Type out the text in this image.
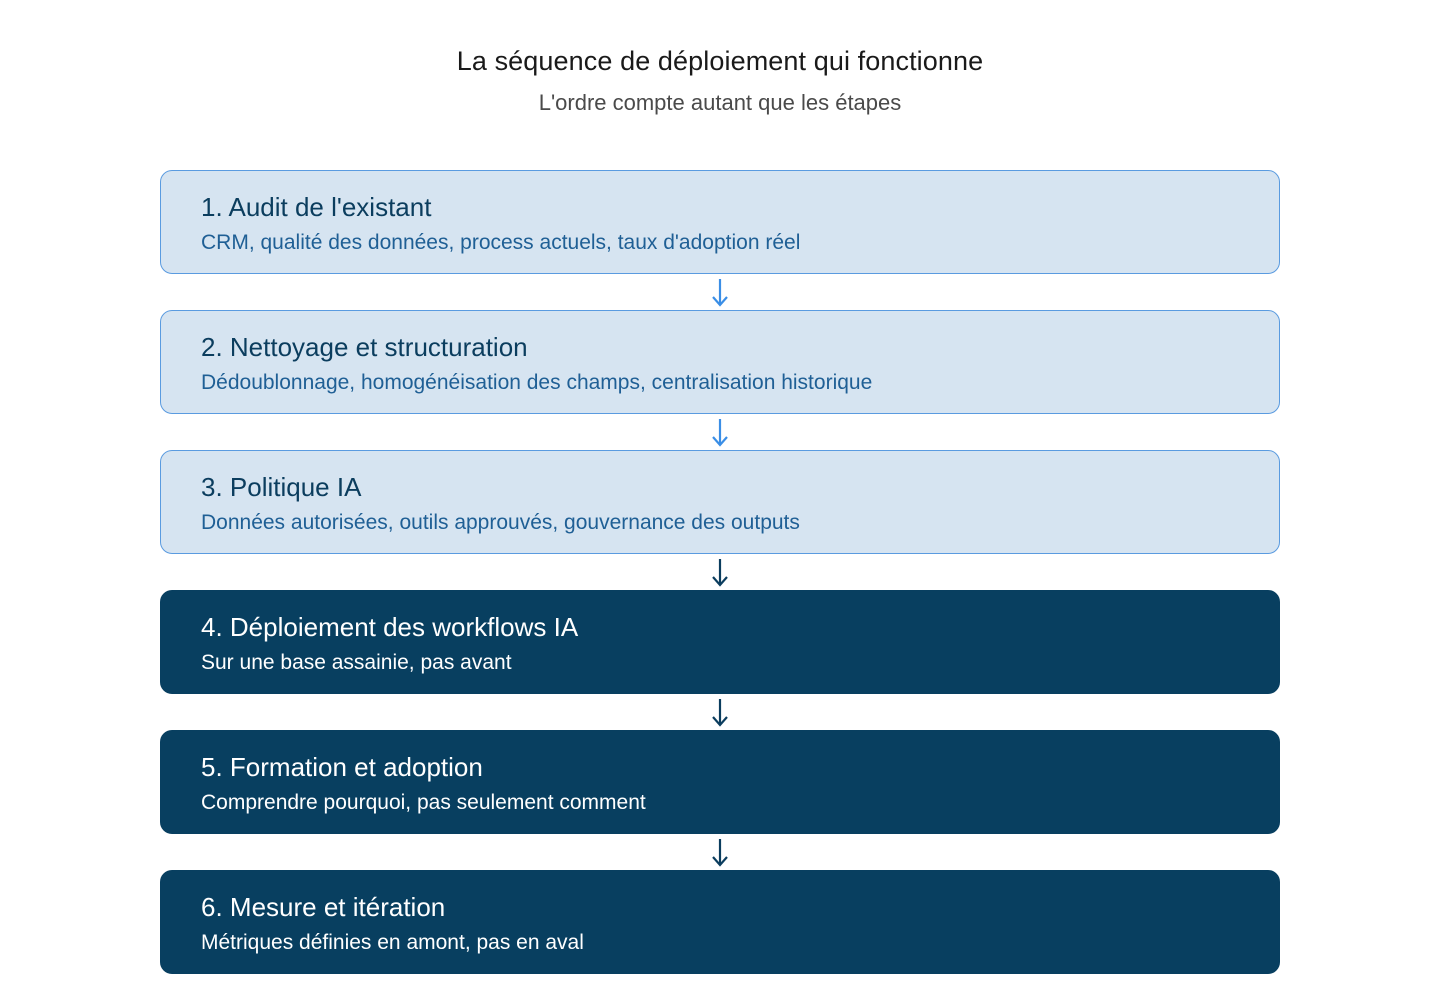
La séquence de déploiement qui fonctionne
L'ordre compte autant que les étapes
1. Audit de l'existant
CRM, qualité des données, process actuels, taux d'adoption réel
2. Nettoyage et structuration
Dédoublonnage, homogénéisation des champs, centralisation historique
3. Politique IA
Données autorisées, outils approuvés, gouvernance des outputs
4. Déploiement des workflows IA
Sur une base assainie, pas avant
5. Formation et adoption
Comprendre pourquoi, pas seulement comment
6. Mesure et itération
Métriques définies en amont, pas en aval
